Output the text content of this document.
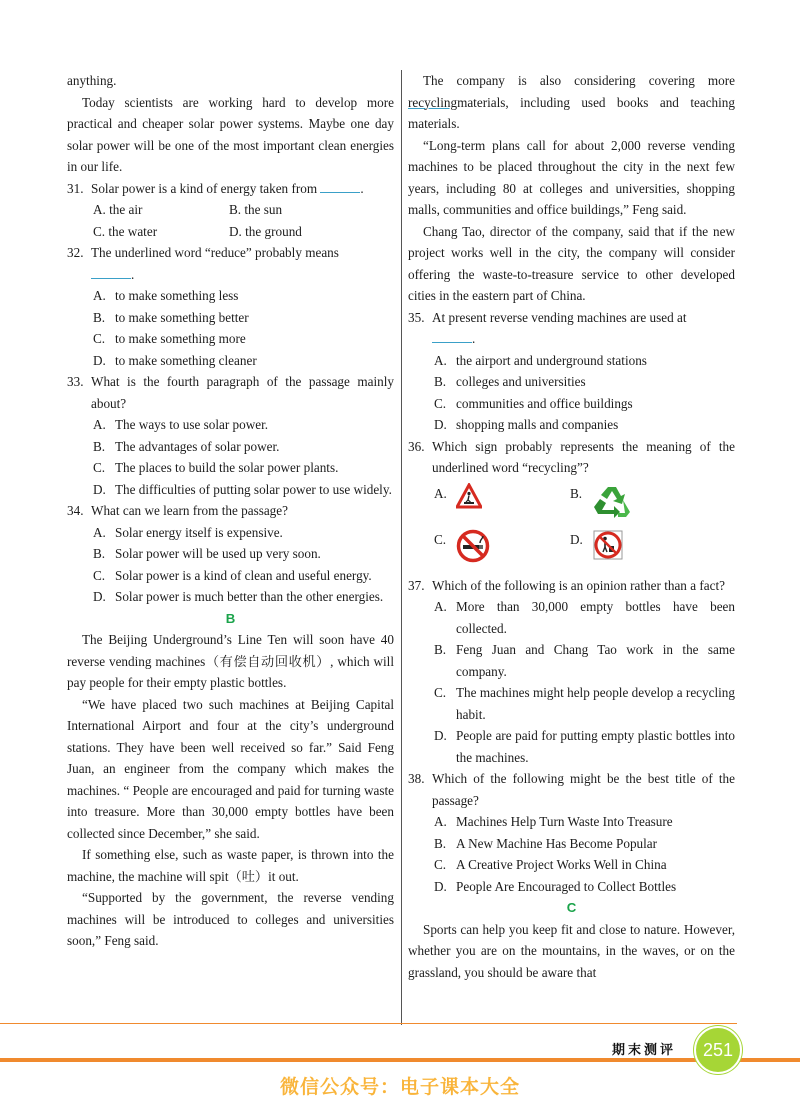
anything.

Today scientists are working hard to develop more practical and cheaper solar power systems. Maybe one day solar power will be one of the most important clean energies in our life.

31. Solar power is a kind of energy taken from	.
A. the air	B. the sun
C. the water	D. the ground
32. The underlined word “reduce” probably means
.
A. to make something less
B. to make something better
C. to make something more
D. to make something cleaner
33. What is the fourth paragraph of the passage mainly about?
A. The ways to use solar power.
B. The advantages of solar power.
C. The places to build the solar power plants.
D. The difficulties of putting solar power to use widely.
34. What can we learn from the passage?
A. Solar energy itself is expensive.
B. Solar power will be used up very soon.
C. Solar power is a kind of clean and useful energy.
D. Solar power is much better than the other energies.
B

The Beijing Underground’s Line Ten will soon have 40 reverse vending machines（有偿自动回收机）, which will pay people for their empty plastic bottles.

“We have placed two such machines at Beijing Capital International Airport and four at the city’s underground stations. They have been well received so far.” Said Feng Juan, an engineer from the company which makes the machines. “ People are encouraged and paid for turning waste into treasure. More than 30,000 empty bottles have been collected since December,” she said.

If something else, such as waste paper, is thrown into the machine, the machine will spit（吐）it out.

“Supported by the government, the reverse vending machines will be introduced to colleges and universities soon,” Feng said.

The company is also considering covering more recyclingmaterials, including used books and teaching materials.

“Long-term plans call for about 2,000 reverse vending machines to be placed throughout the city in the next few years, including 80 at colleges and universities, shopping malls, communities and office buildings,” Feng said.

Chang Tao, director of the company, said that if the new project works well in the city, the company will consider offering the waste-to-treasure service to other developed cities in the eastern part of China.

35. At present reverse vending machines are used at
.
A. the airport and underground stations
B. colleges and universities
C. communities and office buildings
D. shopping malls and companies
36. Which sign probably represents the meaning of the underlined word “recycling”?
A.	B.
C.	D.
37. Which of the following is an opinion rather than a fact?
A. More than 30,000 empty bottles have been collected.
B. Feng Juan and Chang Tao work in the same company.
C. The machines might help people develop a recycling habit.
D. People are paid for putting empty plastic bottles into the machines.
38. Which of the following might be the best title of the passage?
A. Machines Help Turn Waste Into Treasure
B. A New Machine Has Become Popular
C. A Creative Project Works Well in China
D. People Are Encouraged to Collect Bottles
C

Sports can help you keep fit and close to nature. However, whether you are on the mountains, in the waves, or on the grassland, you should be aware that

期末测评	251
微信公众号：电子课本大全
